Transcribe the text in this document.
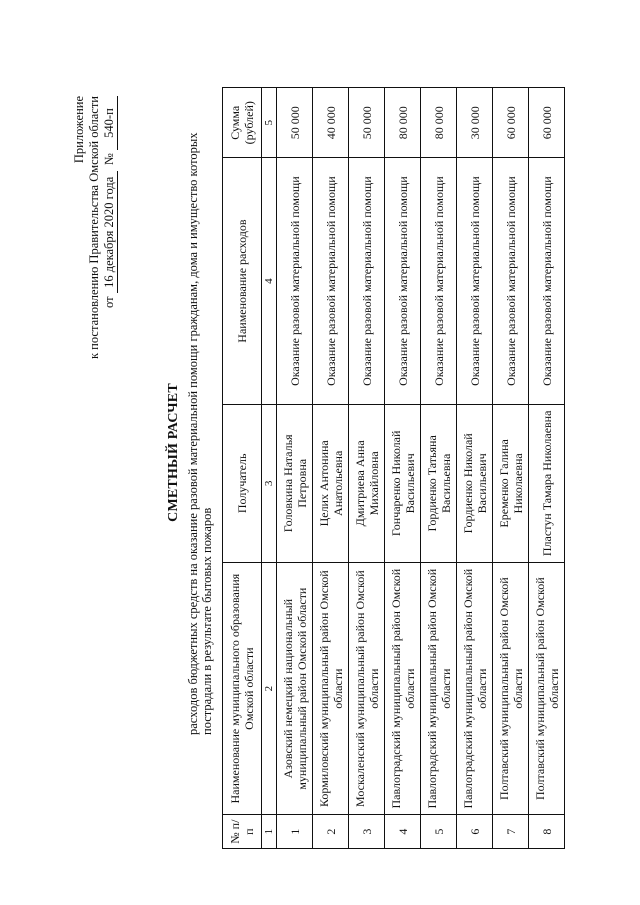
Приложение к постановлению Правительства Омской области от 16 декабря 2020 года  № 540-п
СМЕТНЫЙ РАСЧЕТ расходов бюджетных средств на оказание разовой материальной помощи гражданам, дома и имущество которых пострадали в результате бытовых пожаров
№ п/п	Наименование муниципального образования Омской области	Получатель	Наименование расходов	Сумма (рублей)
1	2	3	4	5
1	Азовский немецкий национальный муниципальный район Омской области	Головкина Наталья Петровна	Оказание разовой материальной помощи	50 000
2	Кормиловский муниципальный район Омской области	Целих Антонина Анатольевна	Оказание разовой материальной помощи	40 000
3	Москаленский муниципальный район Омской области	Дмитриева Анна Михайловна	Оказание разовой материальной помощи	50 000
4	Павлоградский муниципальный район Омской области	Гончаренко Николай Васильевич	Оказание разовой материальной помощи	80 000
5	Павлоградский муниципальный район Омской области	Гордиенко Татьяна Васильевна	Оказание разовой материальной помощи	80 000
6	Павлоградский муниципальный район Омской области	Гордиенко Николай Васильевич	Оказание разовой материальной помощи	30 000
7	Полтавский муниципальный район Омской области	Еременко Галина Николаевна	Оказание разовой материальной помощи	60 000
8	Полтавский муниципальный район Омской области	Пластун Тамара Николаевна	Оказание разовой материальной помощи	60 000
